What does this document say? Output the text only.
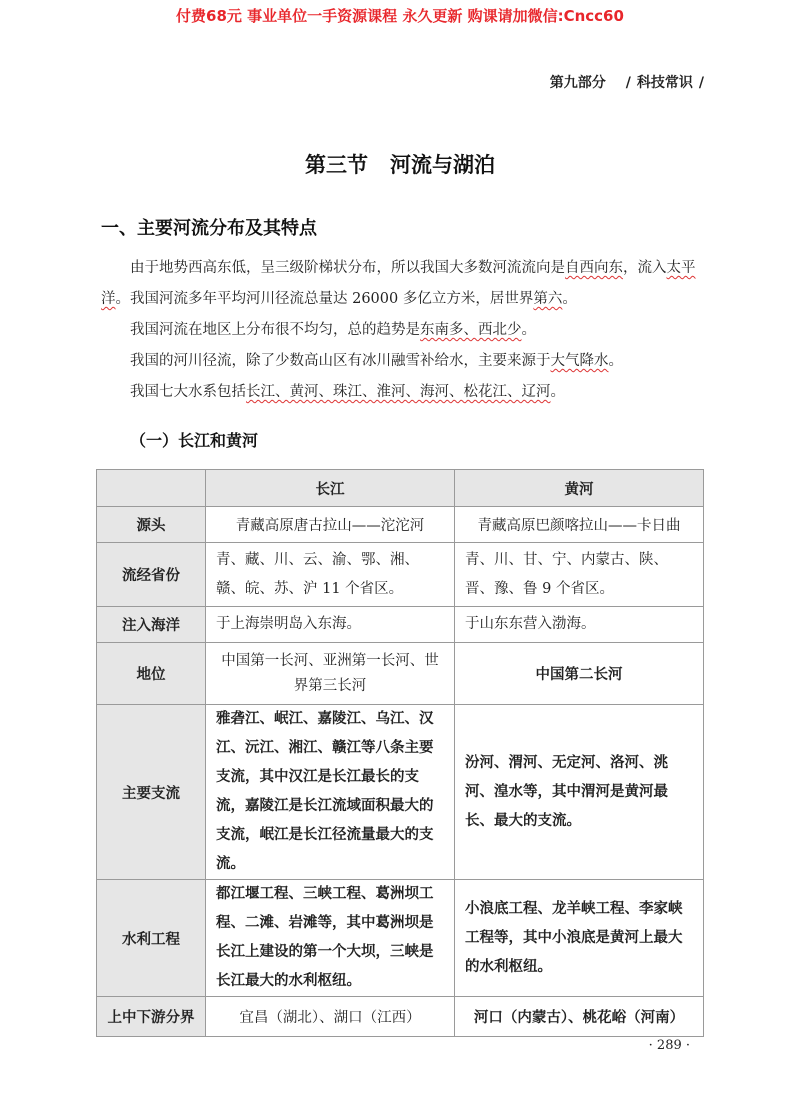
付费68元 事业单位一手资源课程 永久更新 购课请加微信:Cncc60
第九部分 / 科技常识 /
第三节 河流与湖泊
一、主要河流分布及其特点

由于地势西高东低，呈三级阶梯状分布，所以我国大多数河流流向是自西向东，流入太平洋。我国河流多年平均河川径流总量达 26000 多亿立方米，居世界第六。

我国河流在地区上分布很不均匀，总的趋势是东南多、西北少。

我国的河川径流，除了少数高山区有冰川融雪补给水，主要来源于大气降水。

我国七大水系包括长江、黄河、珠江、淮河、海河、松花江、辽河。

（一）长江和黄河
	长江	黄河
源头	青藏高原唐古拉山——沱沱河	青藏高原巴颜喀拉山——卡日曲
流经省份	青、藏、川、云、渝、鄂、湘、赣、皖、苏、沪 11 个省区。	青、川、甘、宁、内蒙古、陕、晋、豫、鲁 9 个省区。
注入海洋	于上海崇明岛入东海。	于山东东营入渤海。
地位	中国第一长河、亚洲第一长河、世界第三长河	中国第二长河
主要支流	雅砻江、岷江、嘉陵江、乌江、汉江、沅江、湘江、赣江等八条主要支流，其中汉江是长江最长的支流，嘉陵江是长江流域面积最大的支流，岷江是长江径流量最大的支流。	汾河、渭河、无定河、洛河、洮河、湟水等，其中渭河是黄河最长、最大的支流。
水利工程	都江堰工程、三峡工程、葛洲坝工程、二滩、岩滩等，其中葛洲坝是长江上建设的第一个大坝，三峡是长江最大的水利枢纽。	小浪底工程、龙羊峡工程、李家峡工程等，其中小浪底是黄河上最大的水利枢纽。
上中下游分界	宜昌（湖北）、湖口（江西）	河口（内蒙古）、桃花峪（河南）
· 289 ·
